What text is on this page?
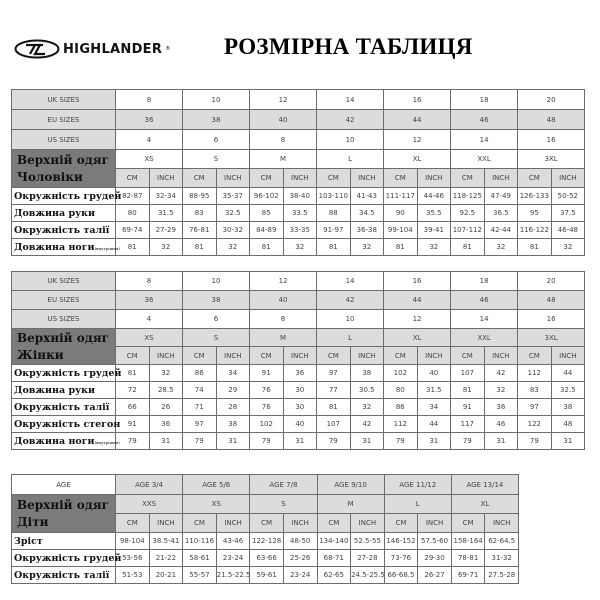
HIGHLANDER ® РОЗМІРНА ТАБЛИЦЯ
UK SIZES	8		10		12		14		16		18		20	
EU SIZES	36		38		40		42		44		46		48	
US SIZES	4		6		8		10		12		14		16	
Верхній одяг Чоловіки	XS		S		M		L		XL		XXL		3XL	
	CM	INCH	CM	INCH	CM	INCH	CM	INCH	CM	INCH	CM	INCH	CM	INCH
Окружність грудей	82-87	32-34	88-95	35-37	96-102	38-40	103-110	41-43	111-117	44-46	118-125	47-49	126-133	50-52
Довжина руки	80	31.5	83	32.5	85	33.5	88	34.5	90	35.5	92.5	36.5	95	37.5
Окружність талії	69-74	27-29	76-81	30-32	84-89	33-35	91-97	36-38	99-104	39-41	107-112	42-44	116-122	46-48
Довжина ноги(внутрішня)	81	32	81	32	81	32	81	32	81	32	81	32	81	32
UK SIZES	8		10		12		14		16		18		20	
EU SIZES	36		38		40		42		44		46		48	
US SIZES	4		6		8		10		12		14		16	
Верхній одяг Жінки	XS		S		M		L		XL		XXL		3XL	
	CM	INCH	CM	INCH	CM	INCH	CM	INCH	CM	INCH	CM	INCH	CM	INCH
Окружність грудей	81	32	86	34	91	36	97	38	102	40	107	42	112	44
Довжина руки	72	28.5	74	29	76	30	77	30.5	80	31.5	81	32	83	32.5
Окружність талії	66	26	71	28	76	30	81	32	86	34	91	36	97	38
Окружність стегон	91	36	97	38	102	40	107	42	112	44	117	46	122	48
Довжина ноги(внутрішня)	79	31	79	31	79	31	79	31	79	31	79	31	79	31
AGE	AGE 3/4		AGE 5/6		AGE 7/8		AGE 9/10		AGE 11/12		AGE 13/14	
Верхній одяг Діти	XXS		XS		S		M		L		XL	
	CM	INCH	CM	INCH	CM	INCH	CM	INCH	CM	INCH	CM	INCH
Зріст	98-104	38.5-41	110-116	43-46	122-128	48-50	134-140	52.5-55	146-152	57.5-60	158-164	62-64.5
Окружність грудей	53-56	21-22	58-61	23-24	63-66	25-26	68-71	27-28	73-76	29-30	78-81	31-32
Окружність талії	51-53	20-21	55-57	21.5-22.5	59-61	23-24	62-65	24.5-25.5	66-68.5	26-27	69-71	27.5-28
